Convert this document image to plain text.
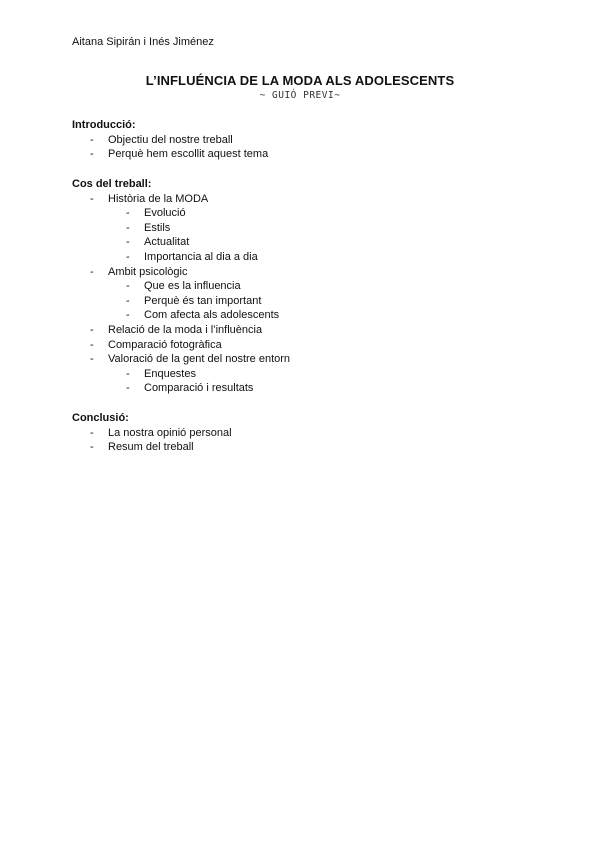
Aitana Sipirán i Inés Jiménez
L’INFLUÉNCIA DE LA MODA ALS ADOLESCENTS
~ GUIÓ PREVI~
Introducció:
- Objectiu del nostre treball
- Perquè hem escollit aquest tema
Cos del treball:
- Història de la MODA
- Evolució
- Estils
- Actualitat
- Importancia al dia a dia
- Ambit psicològic
- Que es la influencia
- Perquè és tan important
- Com afecta als adolescents
- Relació de la moda i l’influència
- Comparació fotogràfica
- Valoració de la gent del nostre entorn
- Enquestes
- Comparació i resultats
Conclusió:
- La nostra opinió personal
- Resum del treball
